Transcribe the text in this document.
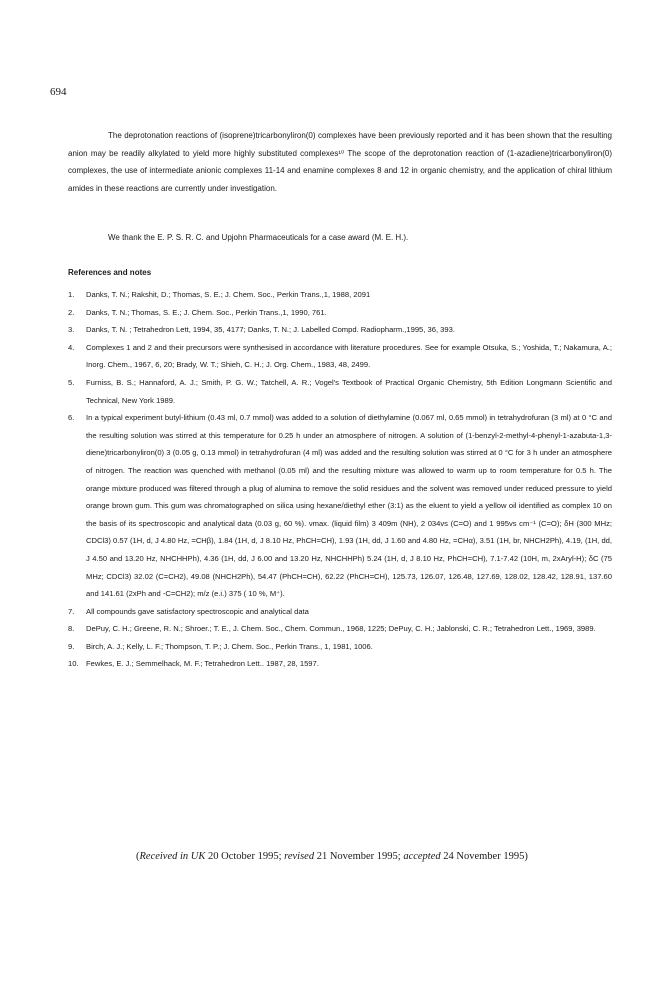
694

The deprotonation reactions of (isoprene)tricarbonyliron(0) complexes have been previously reported and it has been shown that the resulting anion may be readily alkylated to yield more highly substituted complexes¹⁰ The scope of the deprotonation reaction of (1-azadiene)tricarbonyliron(0) complexes, the use of intermediate anionic complexes 11-14 and enamine complexes 8 and 12 in organic chemistry, and the application of chiral lithium amides in these reactions are currently under investigation.

We thank the E. P. S. R. C. and Upjohn Pharmaceuticals for a case award (M. E. H.).

References and notes
1. Danks, T. N.; Rakshit, D.; Thomas, S. E.; J. Chem. Soc., Perkin Trans.,1, 1988, 2091
2. Danks, T. N.; Thomas, S. E.; J. Chem. Soc., Perkin Trans.,1, 1990, 761.
3. Danks, T. N. ; Tetrahedron Lett, 1994, 35, 4177; Danks, T. N.; J. Labelled Compd. Radiopharm.,1995, 36, 393.
4. Complexes 1 and 2 and their precursors were synthesised in accordance with literature procedures. See for example Otsuka, S.; Yoshida, T.; Nakamura, A.; Inorg. Chem., 1967, 6, 20; Brady, W. T.; Shieh, C. H.; J. Org. Chem., 1983, 48, 2499.
5. Furniss, B. S.; Hannaford, A. J.; Smith, P. G. W.; Tatchell, A. R.; Vogel's Textbook of Practical Organic Chemistry, 5th Edition Longmann Scientific and Technical, New York 1989.
6. In a typical experiment butyl-lithium (0.43 ml, 0.7 mmol) was added to a solution of diethylamine (0.067 ml, 0.65 mmol) in tetrahydrofuran (3 ml) at 0 °C and the resulting solution was stirred at this temperature for 0.25 h under an atmosphere of nitrogen. A solution of (1-benzyl-2-methyl-4-phenyl-1-azabuta-1,3-diene)tricarbonyliron(0) 3 (0.05 g, 0.13 mmol) in tetrahydrofuran (4 ml) was added and the resulting solution was stirred at 0 °C for 3 h under an atmosphere of nitrogen. The reaction was quenched with methanol (0.05 ml) and the resulting mixture was allowed to warm up to room temperature for 0.5 h. The orange mixture produced was filtered through a plug of alumina to remove the solid residues and the solvent was removed under reduced pressure to yield orange brown gum. This gum was chromatographed on silica using hexane/diethyl ether (3:1) as the eluent to yield a yellow oil identified as complex 10 on the basis of its spectroscopic and analytical data (0.03 g, 60 %). νmax. (liquid film) 3 409m (NH), 2 034vs (C=O) and 1 995vs cm⁻¹ (C=O); δH (300 MHz; CDCl3) 0.57 (1H, d, J 4.80 Hz, =CHβ), 1.84 (1H, d, J 8.10 Hz, PhCH=CH), 1.93 (1H, dd, J 1.60 and 4.80 Hz, =CHα), 3.51 (1H, br, NHCH2Ph), 4.19, (1H, dd, J 4.50 and 13.20 Hz, NHCHHPh), 4.36 (1H, dd, J 6.00 and 13.20 Hz, NHCHHPh) 5.24 (1H, d, J 8.10 Hz, PhCH=CH), 7.1-7.42 (10H, m, 2xAryl-H); δC (75 MHz; CDCl3) 32.02 (C=CH2), 49.08 (NHCH2Ph), 54.47 (PhCH=CH), 62.22 (PhCH=CH), 125.73, 126.07, 126.48, 127.69, 128.02, 128.42, 128.91, 137.60 and 141.61 (2xPh and -C=CH2); m/z (e.i.) 375 ( 10 %, M⁺).
7. All compounds gave satisfactory spectroscopic and analytical data
8. DePuy, C. H.; Greene, R. N.; Shroer.; T. E., J. Chem. Soc., Chem. Commun., 1968, 1225; DePuy, C. H.; Jablonski, C. R.; Tetrahedron Lett., 1969, 3989.
9. Birch, A. J.; Kelly, L. F.; Thompson, T. P.; J. Chem. Soc., Perkin Trans., 1, 1981, 1006.
10. Fewkes, E. J.; Semmelhack, M. F.; Tetrahedron Lett.. 1987, 28, 1597.
(Received in UK 20 October 1995; revised 21 November 1995; accepted 24 November 1995)
